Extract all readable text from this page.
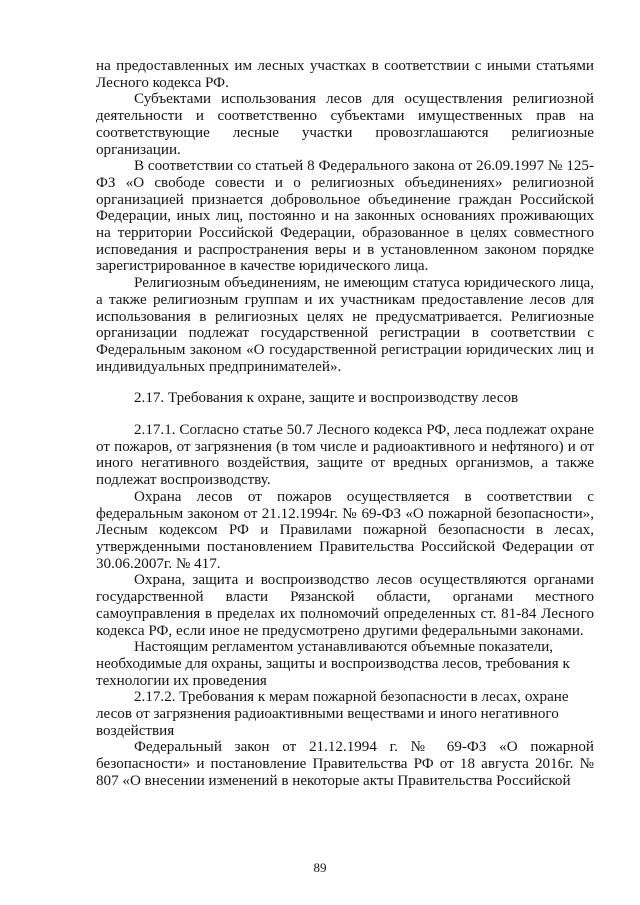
на предоставленных им лесных участках в соответствии с иными статьями Лесного кодекса РФ.

Субъектами использования лесов для осуществления религиозной деятельности и соответственно субъектами имущественных прав на соответствующие лесные участки провозглашаются религиозные организации.

В соответствии со статьей 8 Федерального закона от 26.09.1997 № 125-ФЗ «О свободе совести и о религиозных объединениях» религиозной организацией признается добровольное объединение граждан Российской Федерации, иных лиц, постоянно и на законных основаниях проживающих на территории Российской Федерации, образованное в целях совместного исповедания и распространения веры и в установленном законом порядке зарегистрированное в качестве юридического лица.

Религиозным объединениям, не имеющим статуса юридического лица, а также религиозным группам и их участникам предоставление лесов для использования в религиозных целях не предусматривается. Религиозные организации подлежат государственной регистрации в соответствии с Федеральным законом «О государственной регистрации юридических лиц и индивидуальных предпринимателей».

2.17. Требования к охране, защите и воспроизводству лесов

2.17.1. Согласно статье 50.7 Лесного кодекса РФ, леса подлежат охране от пожаров, от загрязнения (в том числе и радиоактивного и нефтяного) и от иного негативного воздействия, защите от вредных организмов, а также подлежат воспроизводству.

Охрана лесов от пожаров осуществляется в соответствии с федеральным законом от 21.12.1994г. № 69-ФЗ «О пожарной безопасности», Лесным кодексом РФ и Правилами пожарной безопасности в лесах, утвержденными постановлением Правительства Российской Федерации от 30.06.2007г. № 417.

Охрана, защита и воспроизводство лесов осуществляются органами государственной власти Рязанской области, органами местного самоуправления в пределах их полномочий определенных ст. 81-84 Лесного кодекса РФ, если иное не предусмотрено другими федеральными законами.

Настоящим регламентом устанавливаются объемные показатели, необходимые для охраны, защиты и воспроизводства лесов, требования к технологии их проведения

2.17.2. Требования к мерам пожарной безопасности в лесах, охране лесов от загрязнения радиоактивными веществами и иного негативного воздействия

Федеральный закон от 21.12.1994 г. № 69-ФЗ «О пожарной безопасности» и постановление Правительства РФ от 18 августа 2016г. № 807 «О внесении изменений в некоторые акты Правительства Российской

89
